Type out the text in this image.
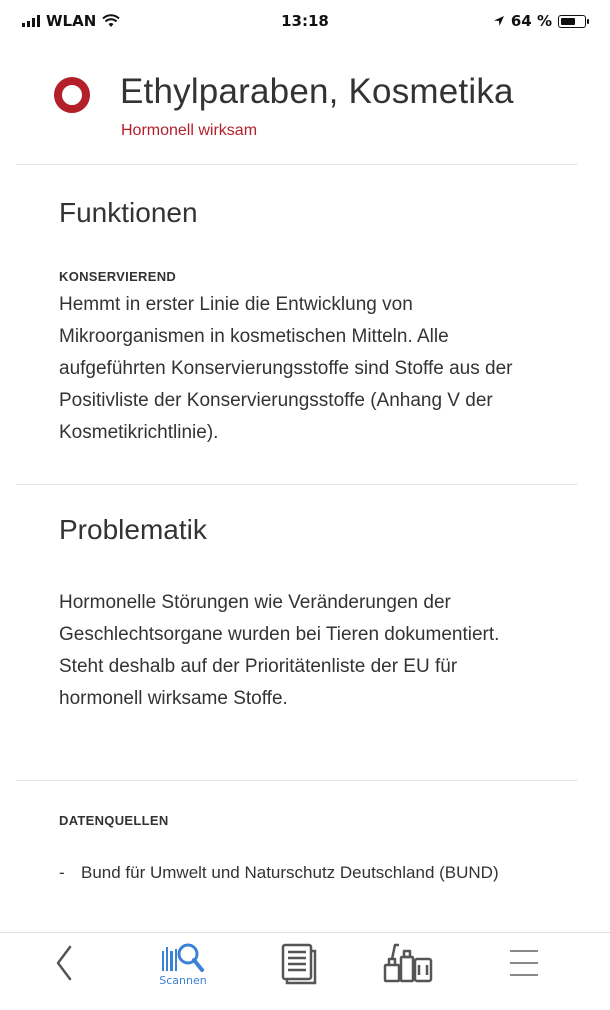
WLAN	13:18	64 %
Ethylparaben, Kosmetika
Hormonell wirksam
Funktionen
KONSERVIEREND
Hemmt in erster Linie die Entwicklung von Mikroorganismen in kosmetischen Mitteln. Alle aufgeführten Konservierungsstoffe sind Stoffe aus der Positivliste der Konservierungsstoffe (Anhang V der Kosmetikrichtlinie).
Problematik
Hormonelle Störungen wie Veränderungen der Geschlechtsorgane wurden bei Tieren dokumentiert. Steht deshalb auf der Prioritätenliste der EU für hormonell wirksame Stoffe.
DATENQUELLEN
- Bund für Umwelt und Naturschutz Deutschland (BUND)
Scannen
